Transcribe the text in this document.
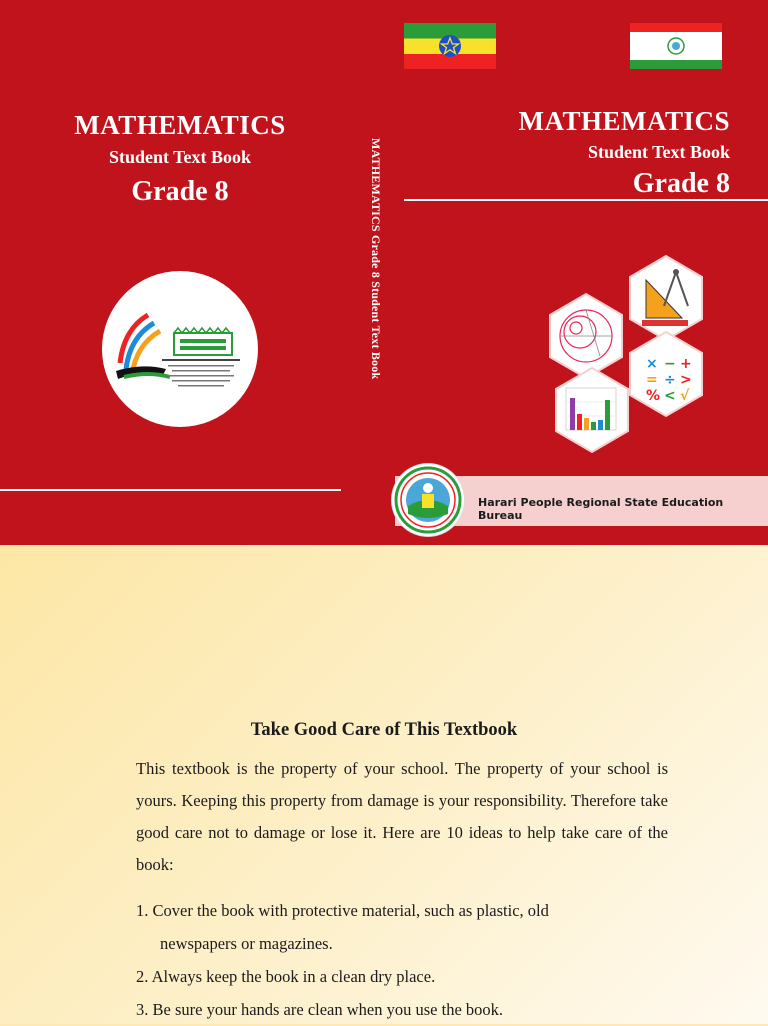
MATHEMATICS
Student Text Book
Grade 8	MATHEMATICS Grade 8 Student Text Book
MATHEMATICS
Student Text Book
Grade 8
× − +
= ÷ >
% < √
Harari People Regional State Education Bureau
Take Good Care of This Textbook
This textbook is the property of your school. The property of your school is yours. Keeping this property from damage is your responsibility. Therefore take good care not to damage or lose it. Here are 10 ideas to help take care of the book:
1. Cover the book with protective material, such as plastic, old
newspapers or magazines.
2. Always keep the book in a clean dry place.
3. Be sure your hands are clean when you use the book.
